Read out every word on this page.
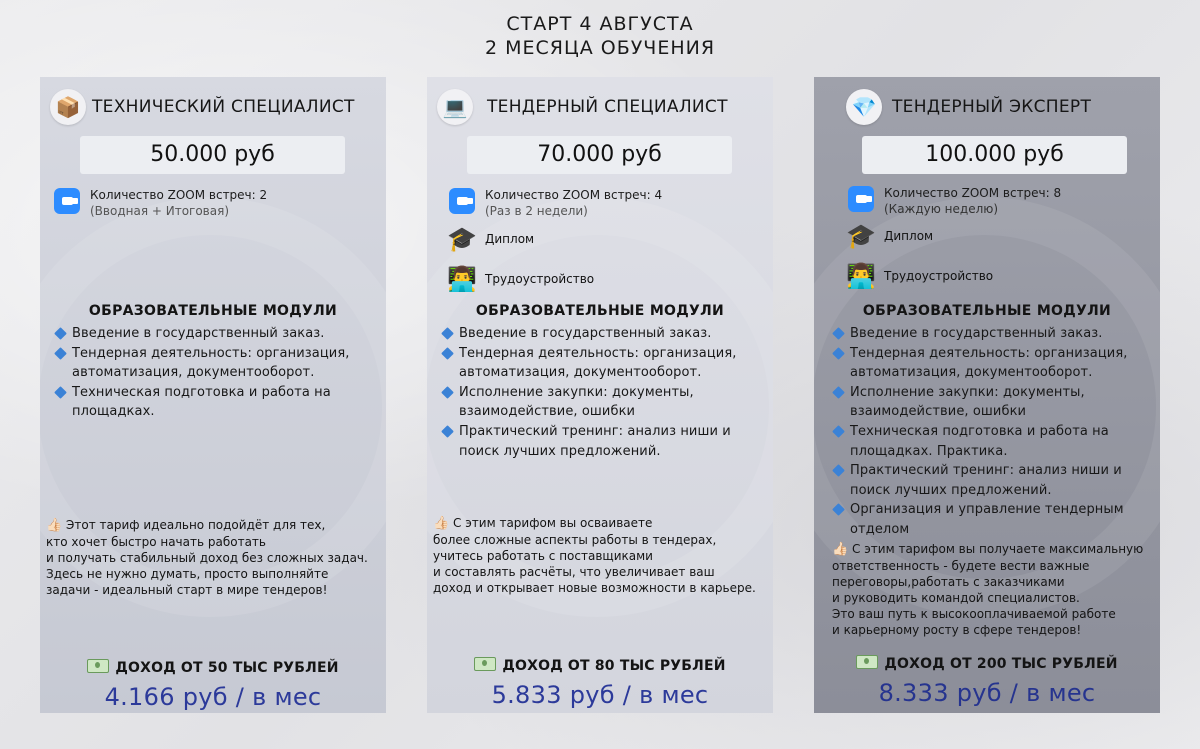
СТАРТ 4 АВГУСТА
2 МЕСЯЦА ОБУЧЕНИЯ
📦 ТЕХНИЧЕСКИЙ СПЕЦИАЛИСТ
50.000 руб
Количество ZOOM встреч: 2
(Вводная + Итоговая)
ОБРАЗОВАТЕЛЬНЫЕ МОДУЛИ
Введение в государственный заказ.
Тендерная деятельность: организация, автоматизация, документооборот.
Техническая подготовка и работа на площадках.
👍🏻 Этот тариф идеально подойдёт для тех,
кто хочет быстро начать работать
и получать стабильный доход без сложных задач.
Здесь не нужно думать, просто выполняйте
задачи - идеальный старт в мире тендеров!
ДОХОД ОТ 50 ТЫС РУБЛЕЙ
4.166 руб / в мес
💻	ТЕНДЕРНЫЙ СПЕЦИАЛИСТ
70.000 руб
Количество ZOOM встреч: 4
(Раз в 2 недели)
🎓 Диплом
👨‍💻 Трудоустройство
ОБРАЗОВАТЕЛЬНЫЕ МОДУЛИ
Введение в государственный заказ.
Тендерная деятельность: организация, автоматизация, документооборот.
Исполнение закупки: документы, взаимодействие, ошибки
Практический тренинг: анализ ниши и поиск лучших предложений.
👍🏻 С этим тарифом вы осваиваете
более сложные аспекты работы в тендерах,
учитесь работать с поставщиками
и составлять расчёты, что увеличивает ваш
доход и открывает новые возможности в карьере.
ДОХОД ОТ 80 ТЫС РУБЛЕЙ
5.833 руб / в мес
💎 ТЕНДЕРНЫЙ ЭКСПЕРТ
100.000 руб
Количество ZOOM встреч: 8
(Каждую неделю)
🎓 Диплом
👨‍💻 Трудоустройство
ОБРАЗОВАТЕЛЬНЫЕ МОДУЛИ
Введение в государственный заказ.
Тендерная деятельность: организация, автоматизация, документооборот.
Исполнение закупки: документы, взаимодействие, ошибки
Техническая подготовка и работа на площадках. Практика.
Практический тренинг: анализ ниши и поиск лучших предложений.
Организация и управление тендерным отделом
👍🏻 С этим тарифом вы получаете максимальную
ответственность - будете вести важные
переговоры,работать с заказчиками
и руководить командой специалистов.
Это ваш путь к высокооплачиваемой работе
и карьерному росту в сфере тендеров!
ДОХОД ОТ 200 ТЫС РУБЛЕЙ
8.333 руб / в мес
